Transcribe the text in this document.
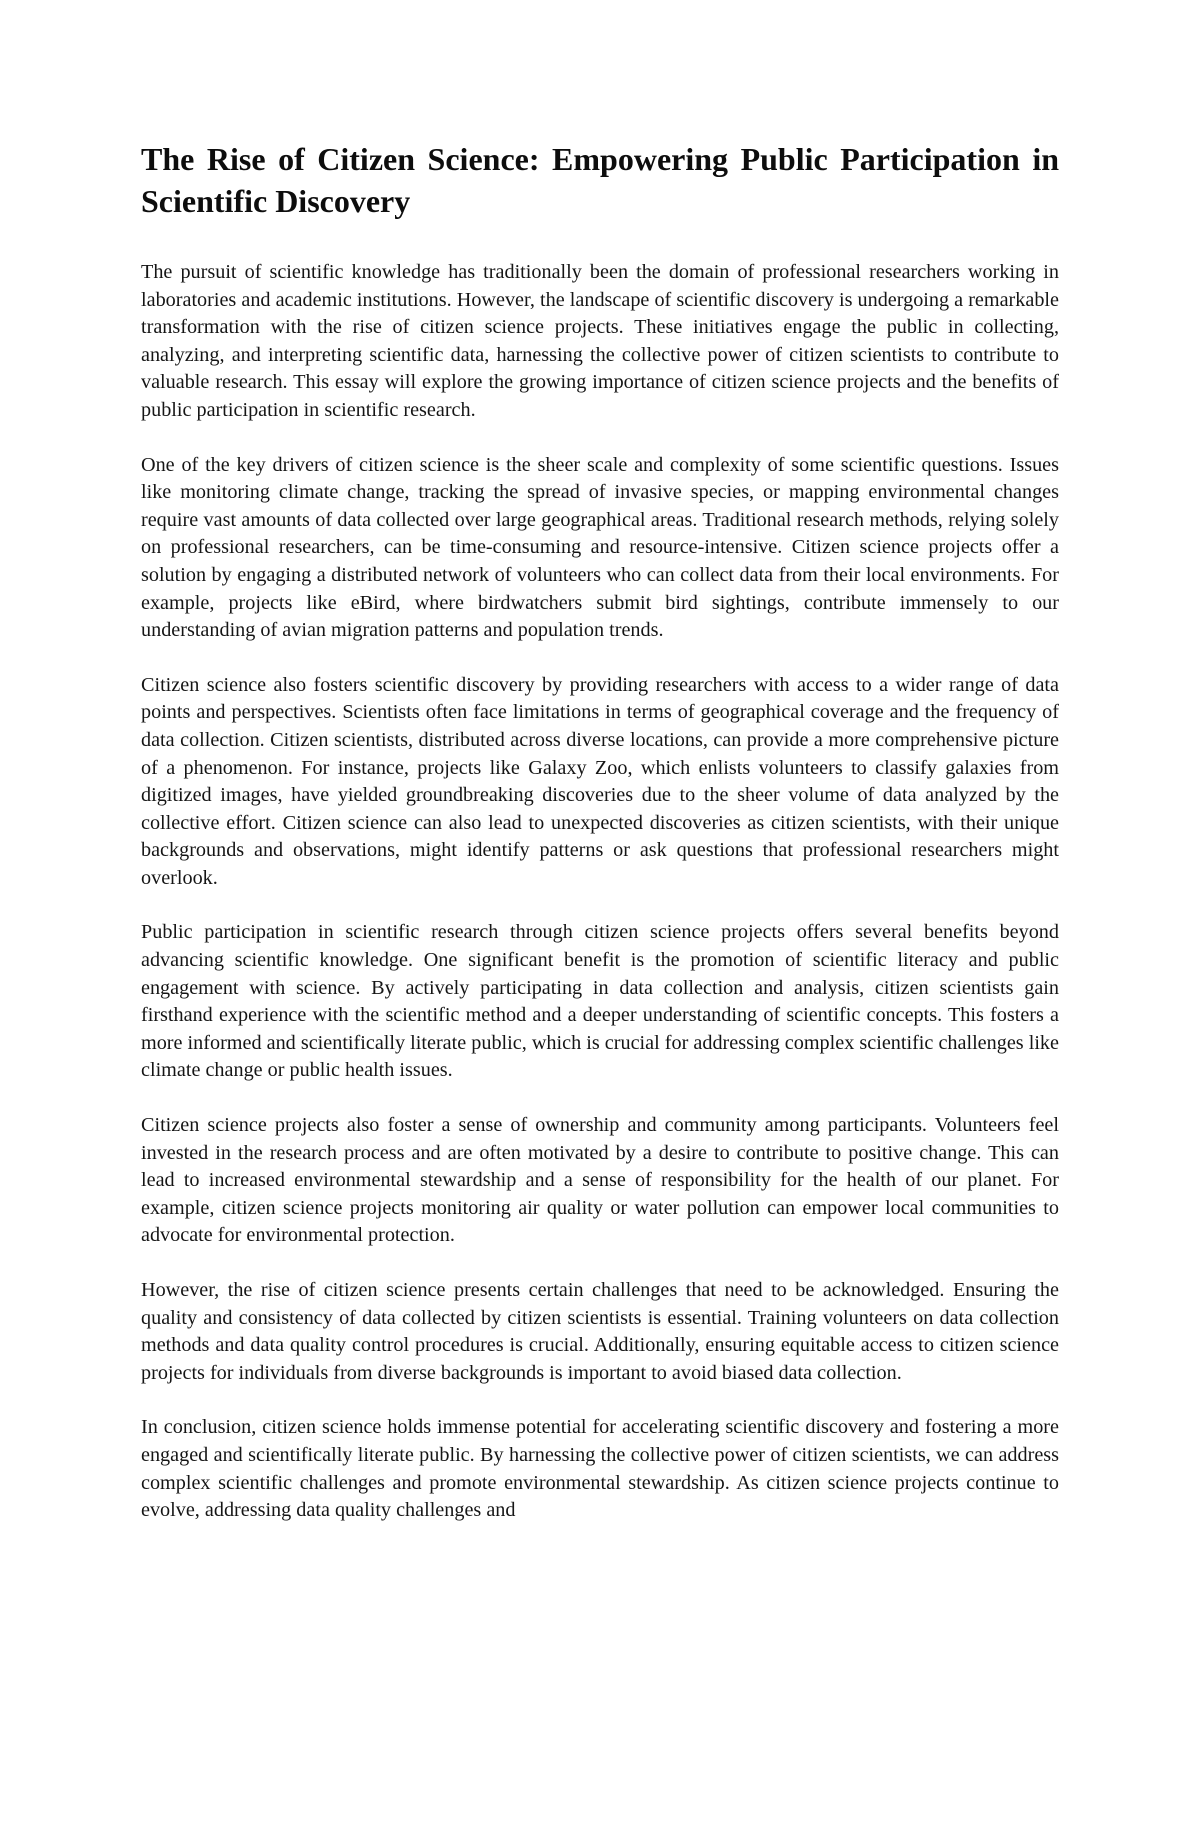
The Rise of Citizen Science: Empowering Public Participation in Scientific Discovery

The pursuit of scientific knowledge has traditionally been the domain of professional researchers working in laboratories and academic institutions. However, the landscape of scientific discovery is undergoing a remarkable transformation with the rise of citizen science projects. These initiatives engage the public in collecting, analyzing, and interpreting scientific data, harnessing the collective power of citizen scientists to contribute to valuable research. This essay will explore the growing importance of citizen science projects and the benefits of public participation in scientific research.

One of the key drivers of citizen science is the sheer scale and complexity of some scientific questions. Issues like monitoring climate change, tracking the spread of invasive species, or mapping environmental changes require vast amounts of data collected over large geographical areas. Traditional research methods, relying solely on professional researchers, can be time-consuming and resource-intensive. Citizen science projects offer a solution by engaging a distributed network of volunteers who can collect data from their local environments. For example, projects like eBird, where birdwatchers submit bird sightings, contribute immensely to our understanding of avian migration patterns and population trends.

Citizen science also fosters scientific discovery by providing researchers with access to a wider range of data points and perspectives. Scientists often face limitations in terms of geographical coverage and the frequency of data collection. Citizen scientists, distributed across diverse locations, can provide a more comprehensive picture of a phenomenon. For instance, projects like Galaxy Zoo, which enlists volunteers to classify galaxies from digitized images, have yielded groundbreaking discoveries due to the sheer volume of data analyzed by the collective effort. Citizen science can also lead to unexpected discoveries as citizen scientists, with their unique backgrounds and observations, might identify patterns or ask questions that professional researchers might overlook.

Public participation in scientific research through citizen science projects offers several benefits beyond advancing scientific knowledge. One significant benefit is the promotion of scientific literacy and public engagement with science. By actively participating in data collection and analysis, citizen scientists gain firsthand experience with the scientific method and a deeper understanding of scientific concepts. This fosters a more informed and scientifically literate public, which is crucial for addressing complex scientific challenges like climate change or public health issues.

Citizen science projects also foster a sense of ownership and community among participants. Volunteers feel invested in the research process and are often motivated by a desire to contribute to positive change. This can lead to increased environmental stewardship and a sense of responsibility for the health of our planet. For example, citizen science projects monitoring air quality or water pollution can empower local communities to advocate for environmental protection.

However, the rise of citizen science presents certain challenges that need to be acknowledged. Ensuring the quality and consistency of data collected by citizen scientists is essential. Training volunteers on data collection methods and data quality control procedures is crucial. Additionally, ensuring equitable access to citizen science projects for individuals from diverse backgrounds is important to avoid biased data collection.

In conclusion, citizen science holds immense potential for accelerating scientific discovery and fostering a more engaged and scientifically literate public. By harnessing the collective power of citizen scientists, we can address complex scientific challenges and promote environmental stewardship. As citizen science projects continue to evolve, addressing data quality challenges and
